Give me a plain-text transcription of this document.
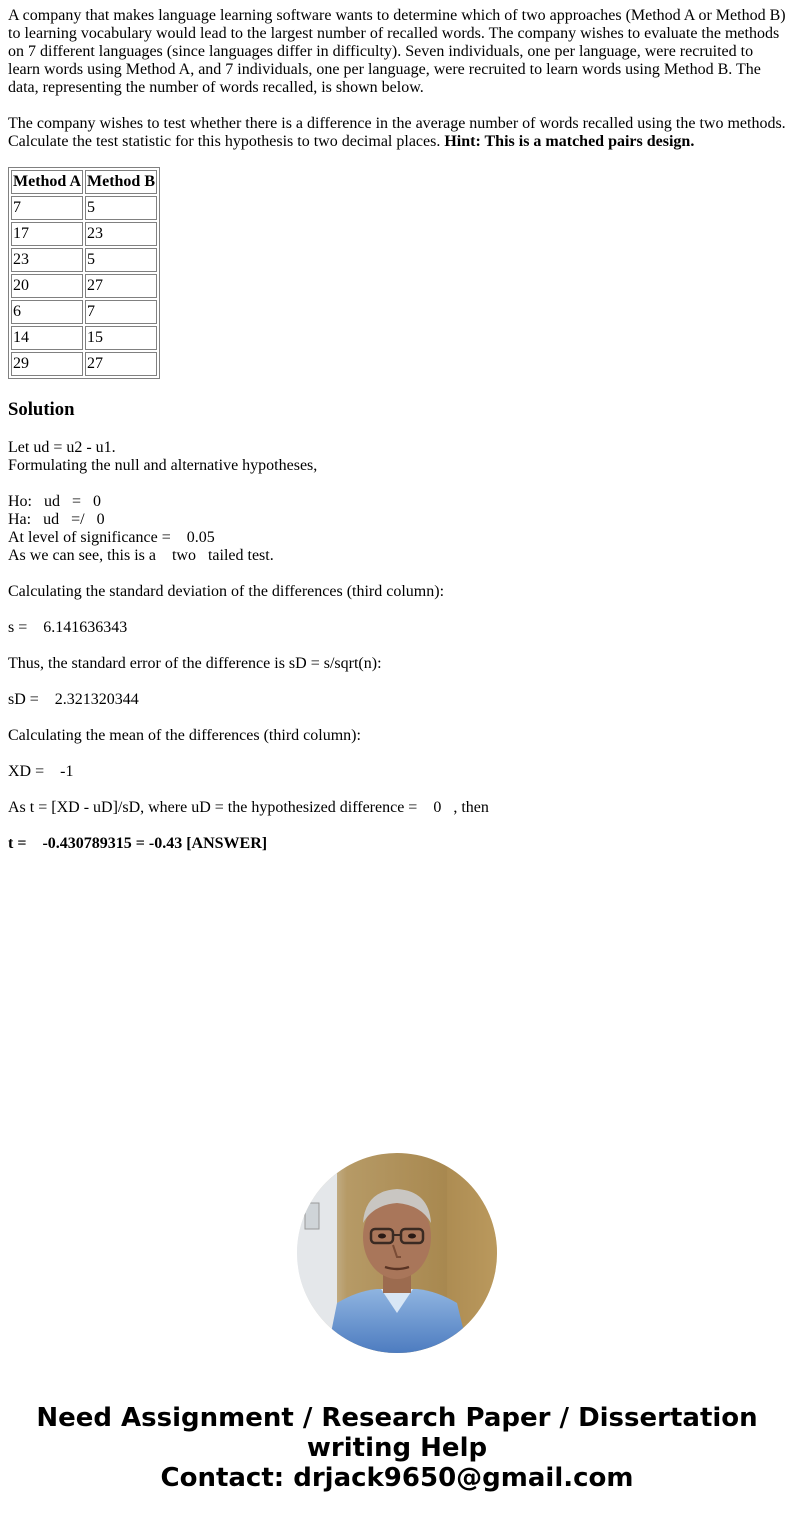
A company that makes language learning software wants to determine which of two approaches (Method A or Method B) to learning vocabulary would lead to the largest number of recalled words. The company wishes to evaluate the methods on 7 different languages (since languages differ in difficulty). Seven individuals, one per language, were recruited to learn words using Method A, and 7 individuals, one per language, were recruited to learn words using Method B. The data, representing the number of words recalled, is shown below.

The company wishes to test whether there is a difference in the average number of words recalled using the two methods. Calculate the test statistic for this hypothesis to two decimal places. Hint: This is a matched pairs design.

Method A	Method B
7	5
17	23
23	5
20	27
6	7
14	15
29	27
Solution
Let ud = u2 - u1.
Formulating the null and alternative hypotheses,
Ho:   ud   =   0
Ha:   ud   =/   0
At level of significance =    0.05
As we can see, this is a    two   tailed test.
Calculating the standard deviation of the differences (third column):
s =    6.141636343
Thus, the standard error of the difference is sD = s/sqrt(n):
sD =    2.321320344
Calculating the mean of the differences (third column):
XD =    -1
As t = [XD - uD]/sD, where uD = the hypothesized difference =    0   , then
t =    -0.430789315 = -0.43 [ANSWER]
Need Assignment / Research Paper / Dissertation
writing Help
Contact: drjack9650@gmail.com
